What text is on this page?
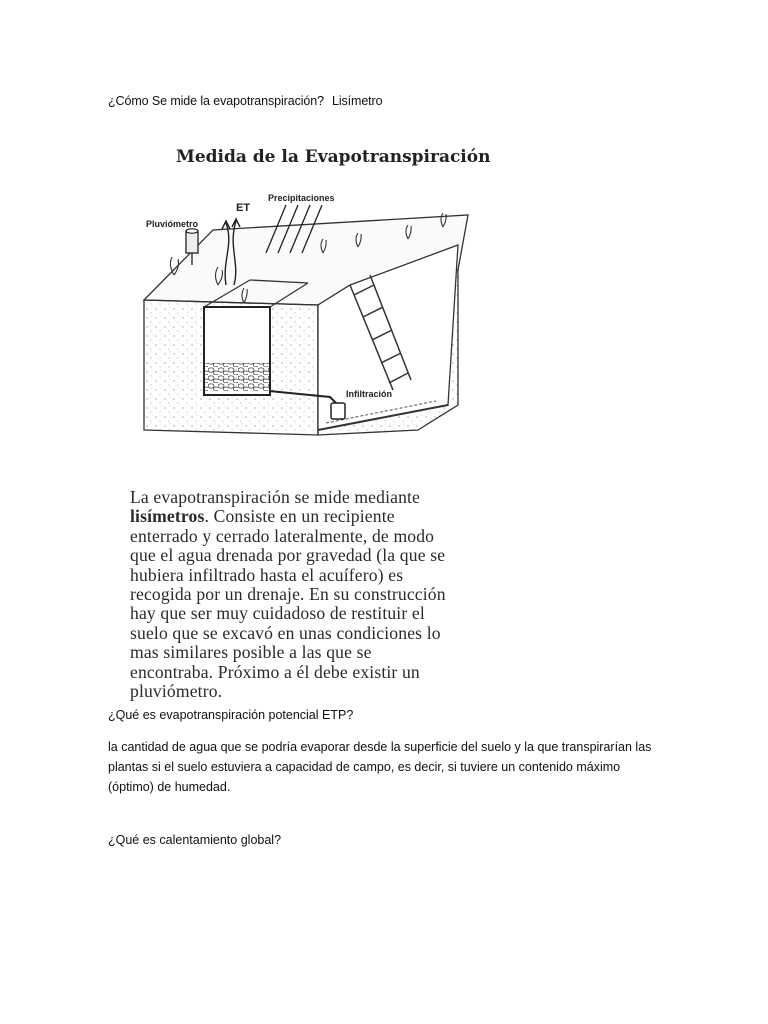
¿Cómo Se mide la evapotranspiración? Lisímetro
Medida de la Evapotranspiración
Pluviómetro
ET
Precipitaciones
Infiltración
La evapotranspiración se mide mediante
lisímetros. Consiste en un recipiente
enterrado y cerrado lateralmente, de modo
que el agua drenada por gravedad (la que se
hubiera infiltrado hasta el acuífero) es
recogida por un drenaje. En su construcción
hay que ser muy cuidadoso de restituir el
suelo que se excavó en unas condiciones lo
mas similares posible a las que se
encontraba. Próximo a él debe existir un
pluviómetro.
¿Qué es evapotranspiración potencial ETP?
la cantidad de agua que se podría evaporar desde la superficie del suelo y la que transpirarían las
plantas si el suelo estuviera a capacidad de campo, es decir, si tuviere un contenido máximo
(óptimo) de humedad.
¿Qué es calentamiento global?
